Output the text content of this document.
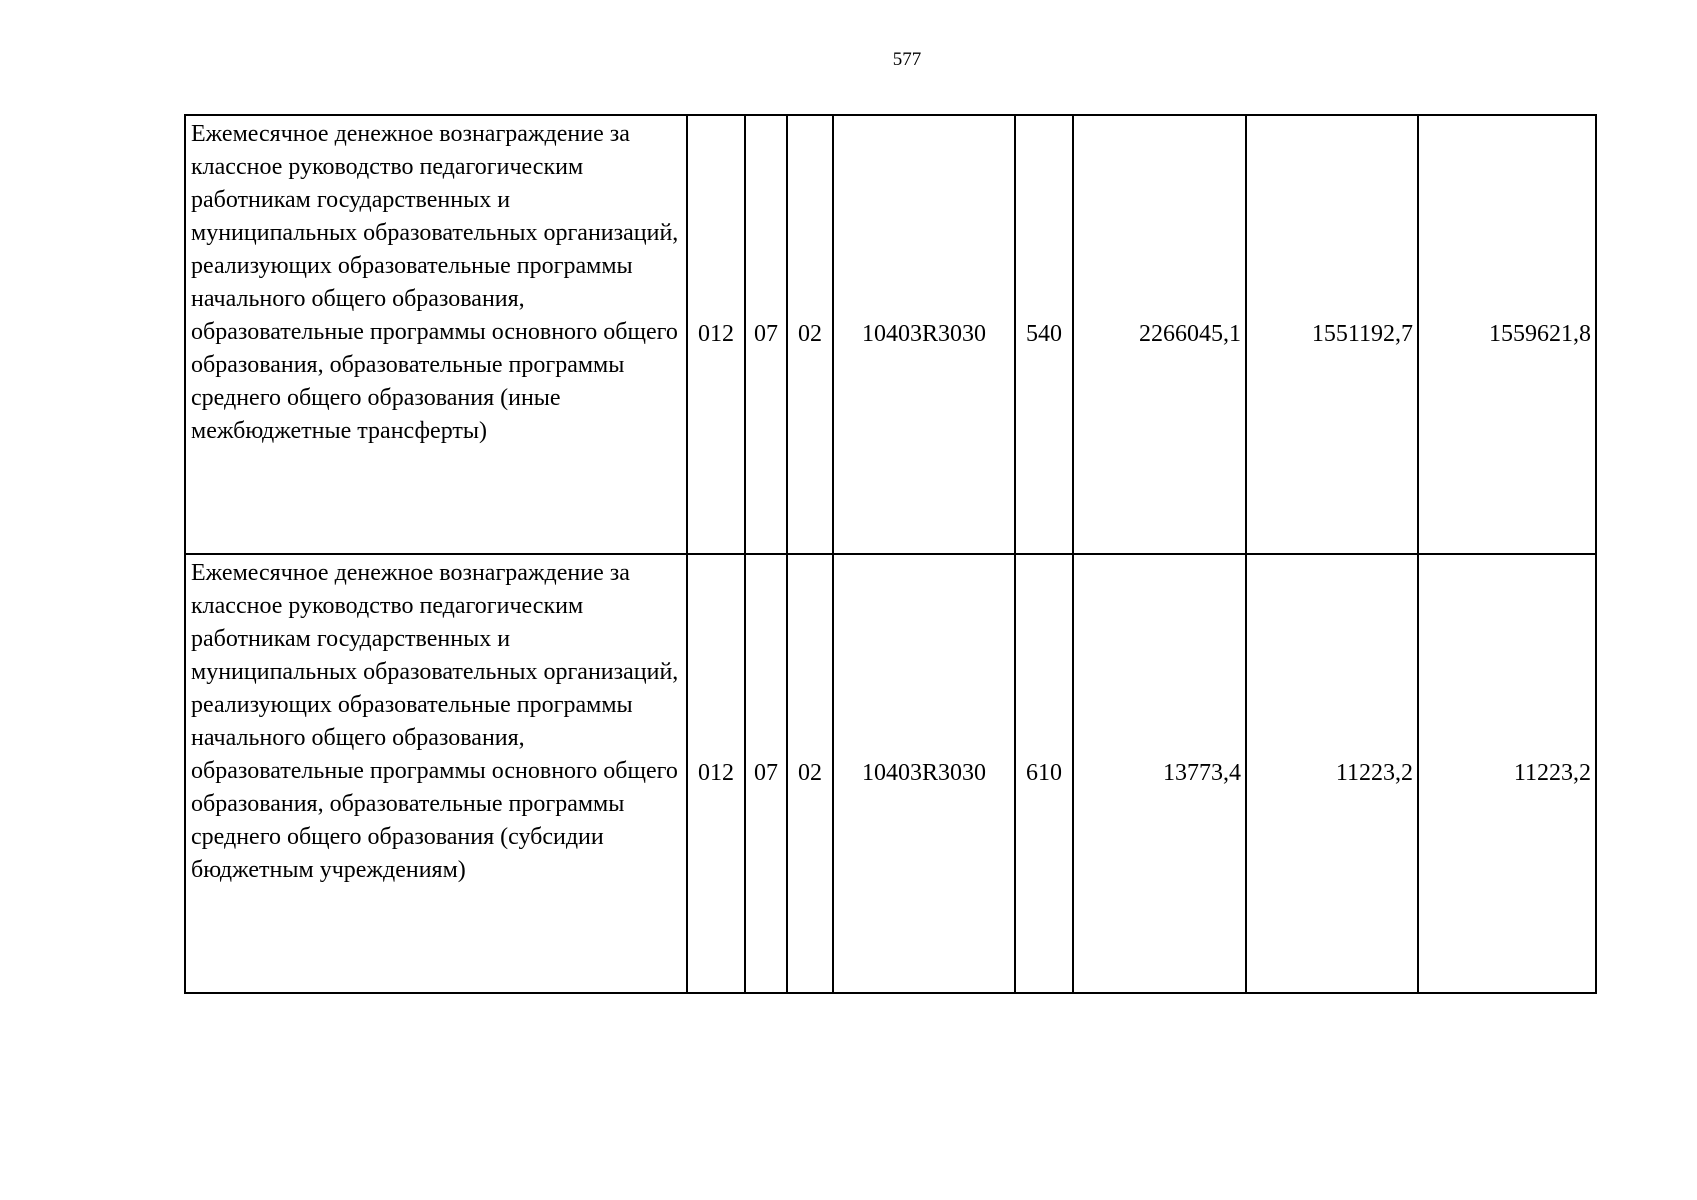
577
Ежемесячное денежное вознаграждение за классное руководство педагогическим работникам государственных и муниципальных образовательных организаций, реализующих образовательные программы начального общего образования, образовательные программы основного общего образования, образовательные программы среднего общего образования (иные межбюджетные трансферты)	012	07	02	10403R3030	540	2266045,1	1551192,7	1559621,8
Ежемесячное денежное вознаграждение за классное руководство педагогическим работникам государственных и муниципальных образовательных организаций, реализующих образовательные программы начального общего образования, образовательные программы основного общего образования, образовательные программы среднего общего образования (субсидии бюджетным учреждениям)	012	07	02	10403R3030	610	13773,4	11223,2	11223,2
